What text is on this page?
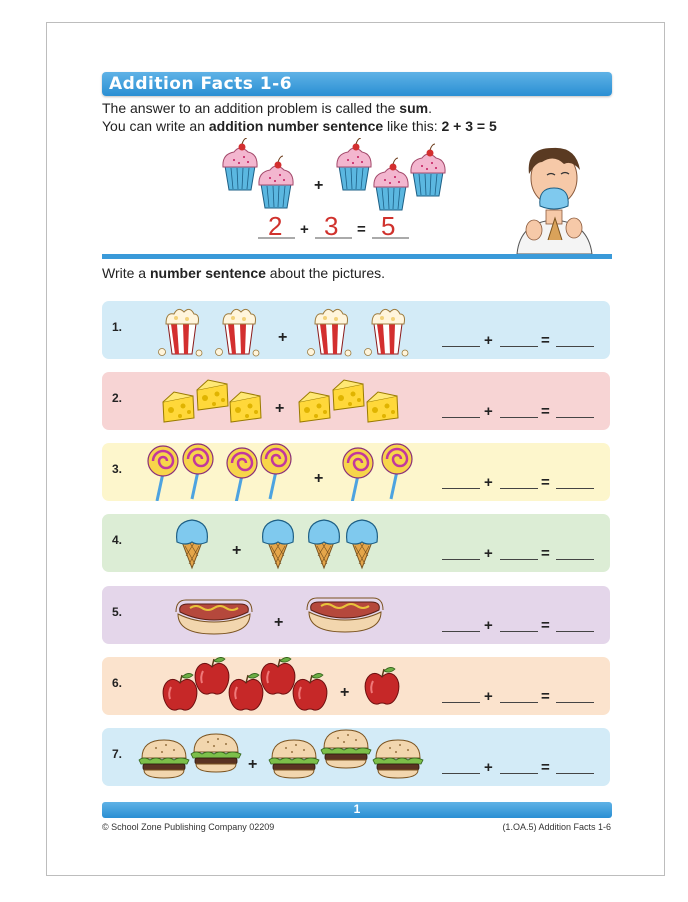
Addition Facts 1-6
The answer to an addition problem is called the sum.
You can write an addition number sentence like this: 2 + 3 = 5
+
2 + 3 = 5
Write a number sentence about the pictures.
1.
+	+	=
2.
+	+	=
3.
+	+	=
4.
+	+	=
5.
+	+	=
6.
+	+	=
7.
+	+	=
1
© School Zone Publishing Company 02209	(1.OA.5) Addition Facts 1-6
